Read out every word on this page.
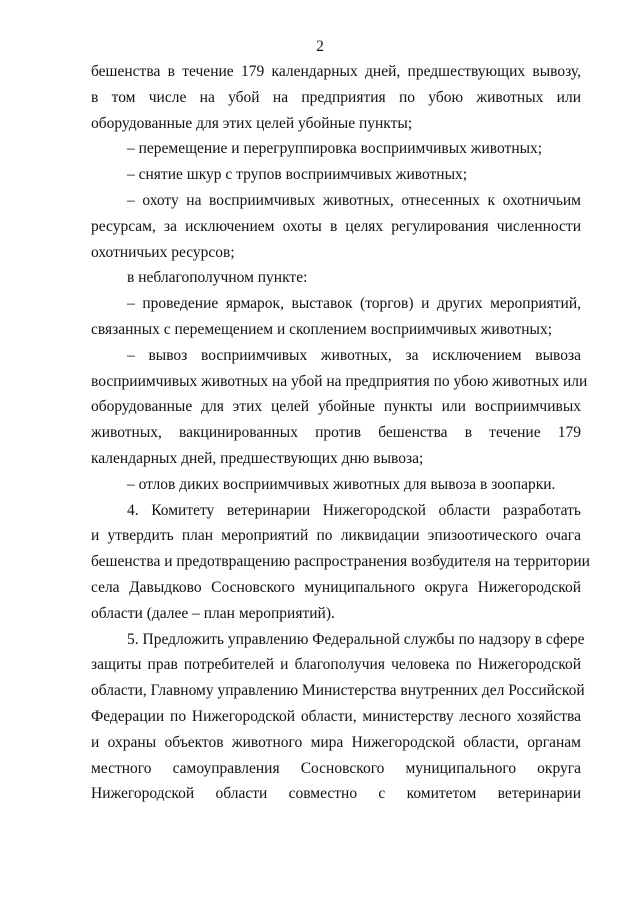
2
бешенства в течение 179 календарных дней, предшествующих вывозу,
в том числе на убой на предприятия по убою животных или
оборудованные для этих целей убойные пункты;
– перемещение и перегруппировка восприимчивых животных;
– снятие шкур с трупов восприимчивых животных;
– охоту на восприимчивых животных, отнесенных к охотничьим
ресурсам, за исключением охоты в целях регулирования численности
охотничьих ресурсов;
в неблагополучном пункте:
– проведение ярмарок, выставок (торгов) и других мероприятий,
связанных с перемещением и скоплением восприимчивых животных;
– вывоз восприимчивых животных, за исключением вывоза
восприимчивых животных на убой на предприятия по убою животных или
оборудованные для этих целей убойные пункты или восприимчивых
животных, вакцинированных против бешенства в течение 179
календарных дней, предшествующих дню вывоза;
– отлов диких восприимчивых животных для вывоза в зоопарки.
4. Комитету ветеринарии Нижегородской области разработать
и утвердить план мероприятий по ликвидации эпизоотического очага
бешенства и предотвращению распространения возбудителя на территории
села Давыдково Сосновского муниципального округа Нижегородской
области (далее – план мероприятий).
5. Предложить управлению Федеральной службы по надзору в сфере
защиты прав потребителей и благополучия человека по Нижегородской
области, Главному управлению Министерства внутренних дел Российской
Федерации по Нижегородской области, министерству лесного хозяйства
и охраны объектов животного мира Нижегородской области, органам
местного самоуправления Сосновского муниципального округа
Нижегородской области совместно с комитетом ветеринарии
